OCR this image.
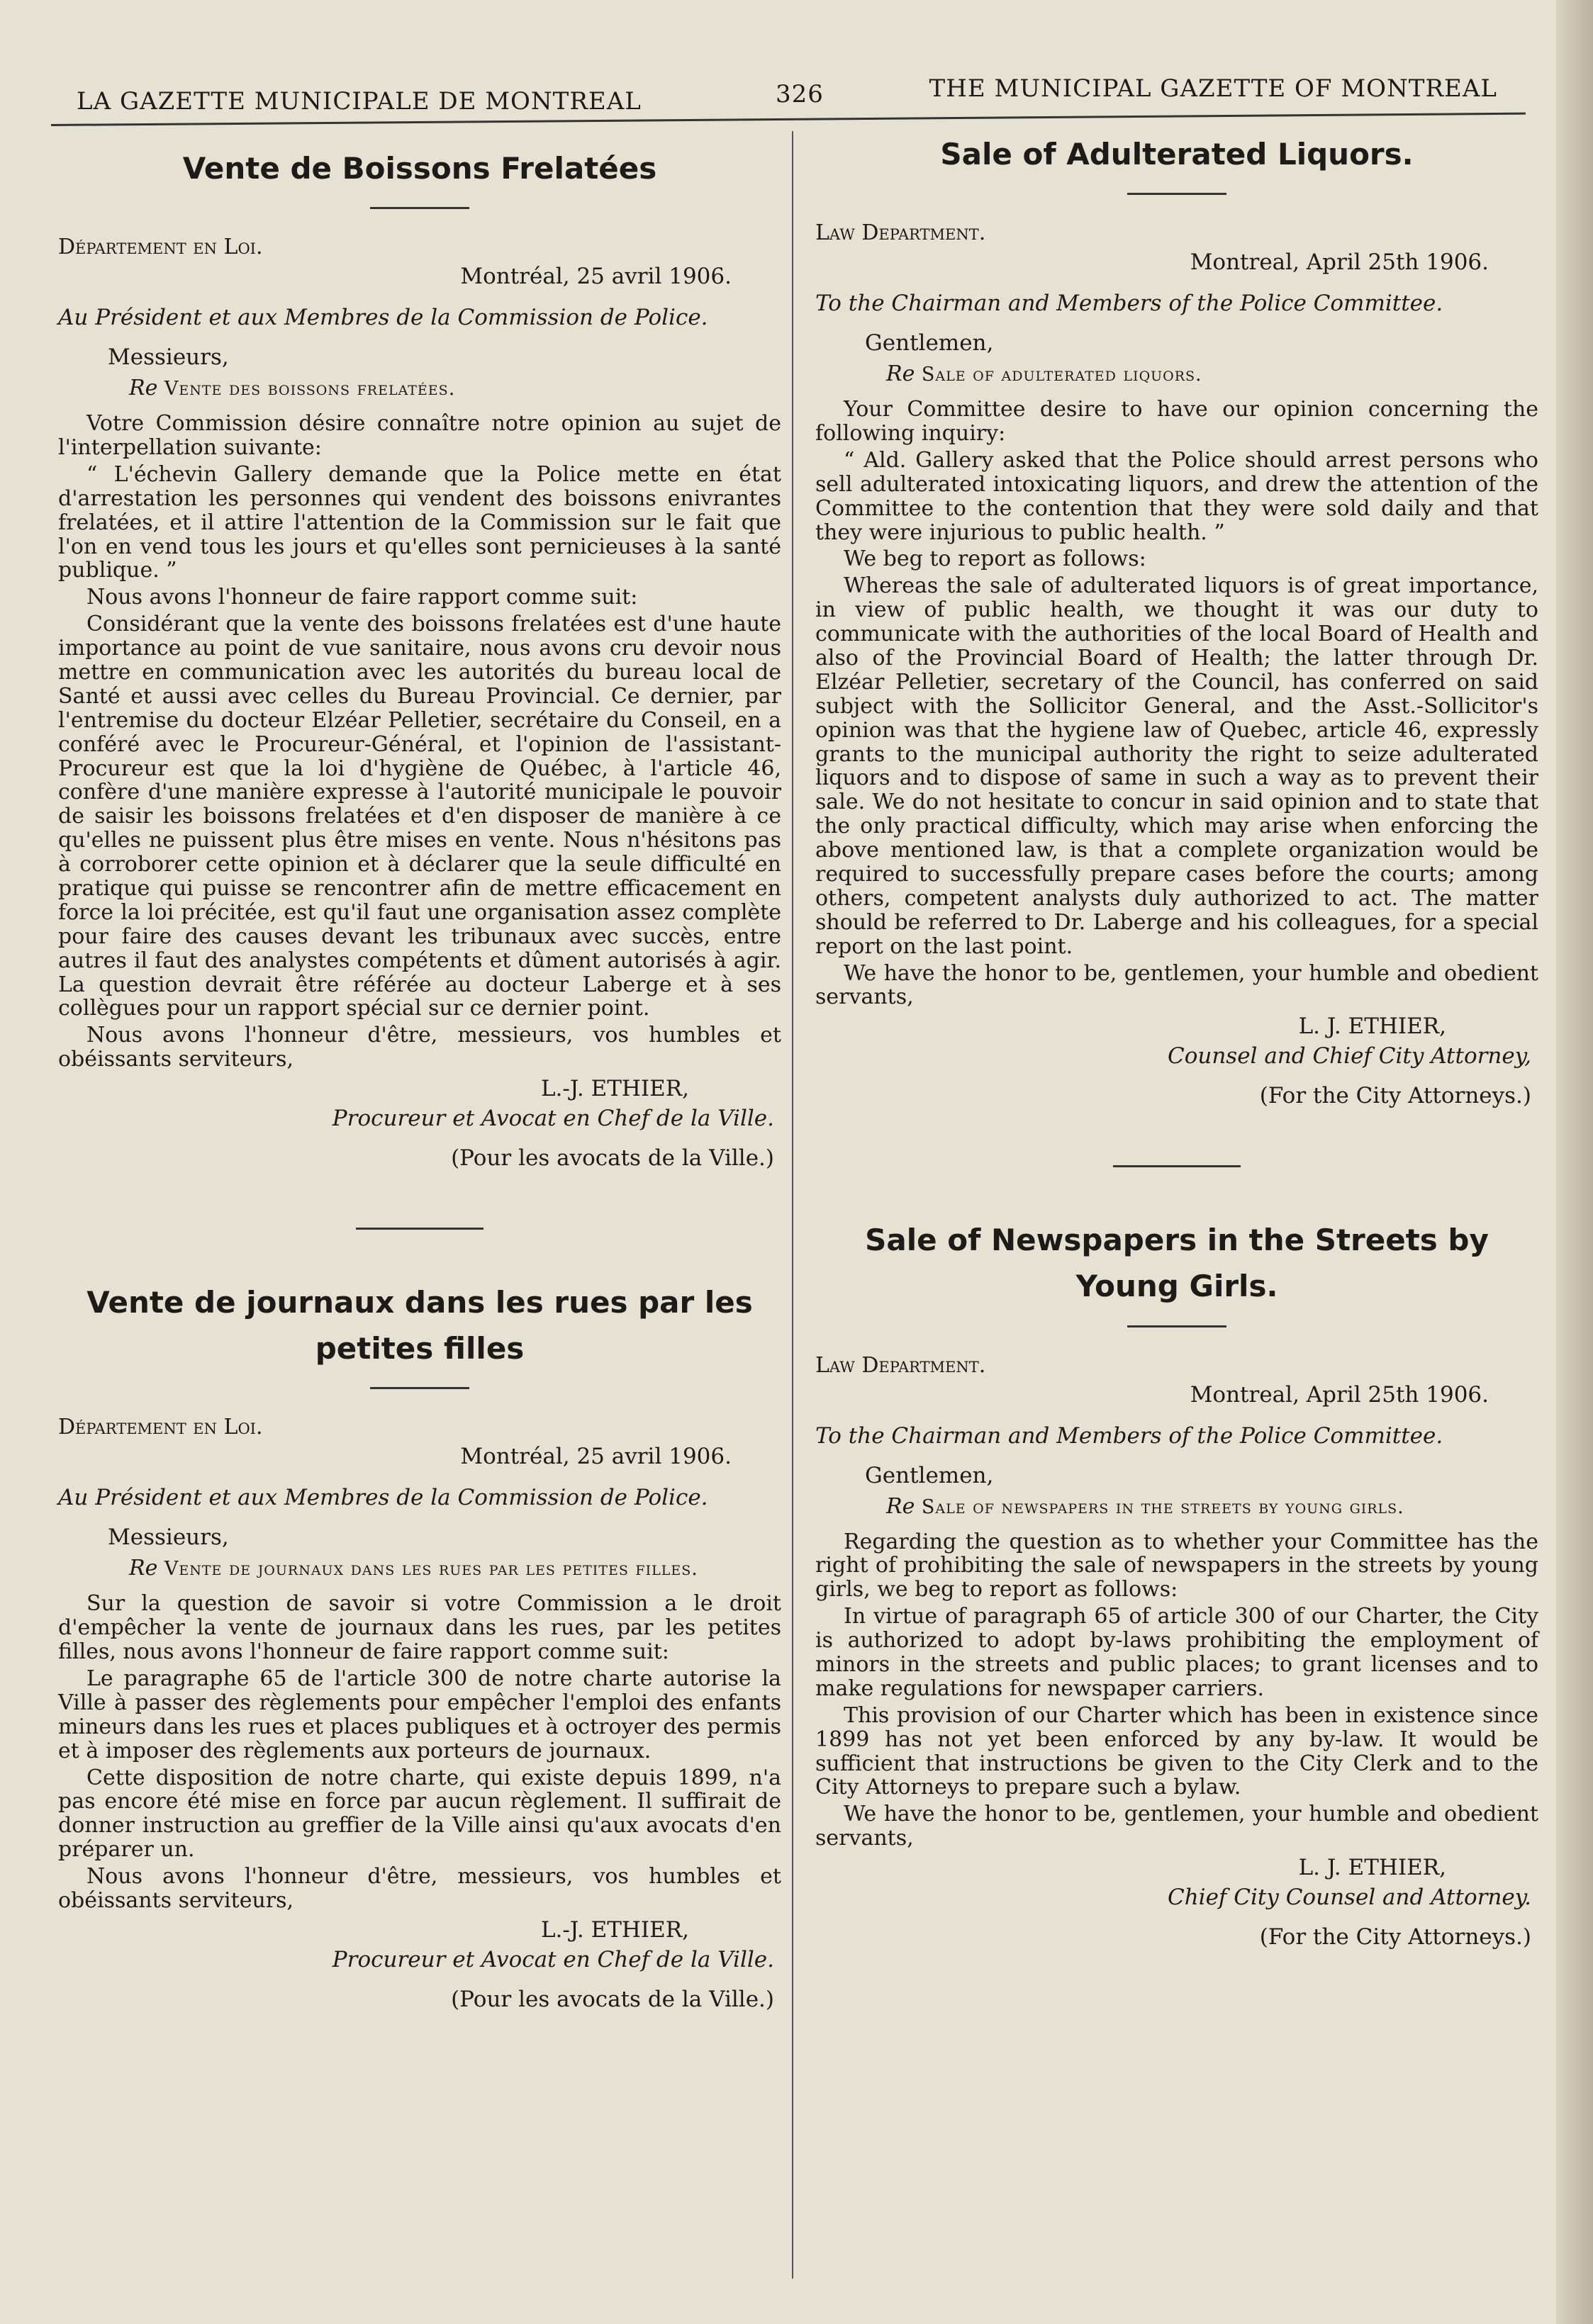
LA GAZETTE MUNICIPALE DE MONTREAL	326	THE MUNICIPAL GAZETTE OF MONTREAL
Vente de Boissons Frelatées

Département en Loi.

Montréal, 25 avril 1906.

Au Président et aux Membres de la Commission de Police.

Messieurs,

Re Vente des boissons frelatées.

Votre Commission désire connaître notre opinion au sujet de l'interpellation suivante:

“ L'échevin Gallery demande que la Police mette en état d'arrestation les personnes qui vendent des boissons enivrantes frelatées, et il attire l'attention de la Commission sur le fait que l'on en vend tous les jours et qu'elles sont pernicieuses à la santé publique. ”

Nous avons l'honneur de faire rapport comme suit:

Considérant que la vente des boissons frelatées est d'une haute importance au point de vue sanitaire, nous avons cru devoir nous mettre en communication avec les autorités du bureau local de Santé et aussi avec celles du Bureau Provincial. Ce dernier, par l'entremise du docteur Elzéar Pelletier, secrétaire du Conseil, en a conféré avec le Procureur-Général, et l'opinion de l'assistant-Procureur est que la loi d'hygiène de Québec, à l'article 46, confère d'une manière expresse à l'autorité municipale le pouvoir de saisir les boissons frelatées et d'en disposer de manière à ce qu'elles ne puissent plus être mises en vente. Nous n'hésitons pas à corroborer cette opinion et à déclarer que la seule difficulté en pratique qui puisse se rencontrer afin de mettre efficacement en force la loi précitée, est qu'il faut une organisation assez complète pour faire des causes devant les tribunaux avec succès, entre autres il faut des analystes compétents et dûment autorisés à agir. La question devrait être référée au docteur Laberge et à ses collègues pour un rapport spécial sur ce dernier point.

Nous avons l'honneur d'être, messieurs, vos humbles et obéissants serviteurs,

L.-J. ETHIER,

Procureur et Avocat en Chef de la Ville.

(Pour les avocats de la Ville.)

Vente de journaux dans les rues par les petites filles

Département en Loi.

Montréal, 25 avril 1906.

Au Président et aux Membres de la Commission de Police.

Messieurs,

Re Vente de journaux dans les rues par les petites filles.

Sur la question de savoir si votre Commission a le droit d'empêcher la vente de journaux dans les rues, par les petites filles, nous avons l'honneur de faire rapport comme suit:

Le paragraphe 65 de l'article 300 de notre charte autorise la Ville à passer des règlements pour empêcher l'emploi des enfants mineurs dans les rues et places publiques et à octroyer des permis et à imposer des règlements aux porteurs de journaux.

Cette disposition de notre charte, qui existe depuis 1899, n'a pas encore été mise en force par aucun règlement. Il suffirait de donner instruction au greffier de la Ville ainsi qu'aux avocats d'en préparer un.

Nous avons l'honneur d'être, messieurs, vos humbles et obéissants serviteurs,

L.-J. ETHIER,

Procureur et Avocat en Chef de la Ville.

(Pour les avocats de la Ville.)

Sale of Adulterated Liquors.

Law Department.

Montreal, April 25th 1906.

To the Chairman and Members of the Police Committee.

Gentlemen,

Re Sale of adulterated liquors.

Your Committee desire to have our opinion concerning the following inquiry:

“ Ald. Gallery asked that the Police should arrest persons who sell adulterated intoxicating liquors, and drew the attention of the Committee to the contention that they were sold daily and that they were injurious to public health. ”

We beg to report as follows:

Whereas the sale of adulterated liquors is of great importance, in view of public health, we thought it was our duty to communicate with the authorities of the local Board of Health and also of the Provincial Board of Health; the latter through Dr. Elzéar Pelletier, secretary of the Council, has conferred on said subject with the Sollicitor General, and the Asst.-Sollicitor's opinion was that the hygiene law of Quebec, article 46, expressly grants to the municipal authority the right to seize adulterated liquors and to dispose of same in such a way as to prevent their sale. We do not hesitate to concur in said opinion and to state that the only practical difficulty, which may arise when enforcing the above mentioned law, is that a complete organization would be required to successfully prepare cases before the courts; among others, competent analysts duly authorized to act. The matter should be referred to Dr. Laberge and his colleagues, for a special report on the last point.

We have the honor to be, gentlemen, your humble and obedient servants,

L. J. ETHIER,

Counsel and Chief City Attorney,

(For the City Attorneys.)

Sale of Newspapers in the Streets by Young Girls.

Law Department.

Montreal, April 25th 1906.

To the Chairman and Members of the Police Committee.

Gentlemen,

Re Sale of newspapers in the streets by young girls.

Regarding the question as to whether your Committee has the right of prohibiting the sale of newspapers in the streets by young girls, we beg to report as follows:

In virtue of paragraph 65 of article 300 of our Charter, the City is authorized to adopt by-laws prohibiting the employment of minors in the streets and public places; to grant licenses and to make regulations for newspaper carriers.

This provision of our Charter which has been in existence since 1899 has not yet been enforced by any by-law. It would be sufficient that instructions be given to the City Clerk and to the City Attorneys to prepare such a bylaw.

We have the honor to be, gentlemen, your humble and obedient servants,

L. J. ETHIER,

Chief City Counsel and Attorney.

(For the City Attorneys.)
